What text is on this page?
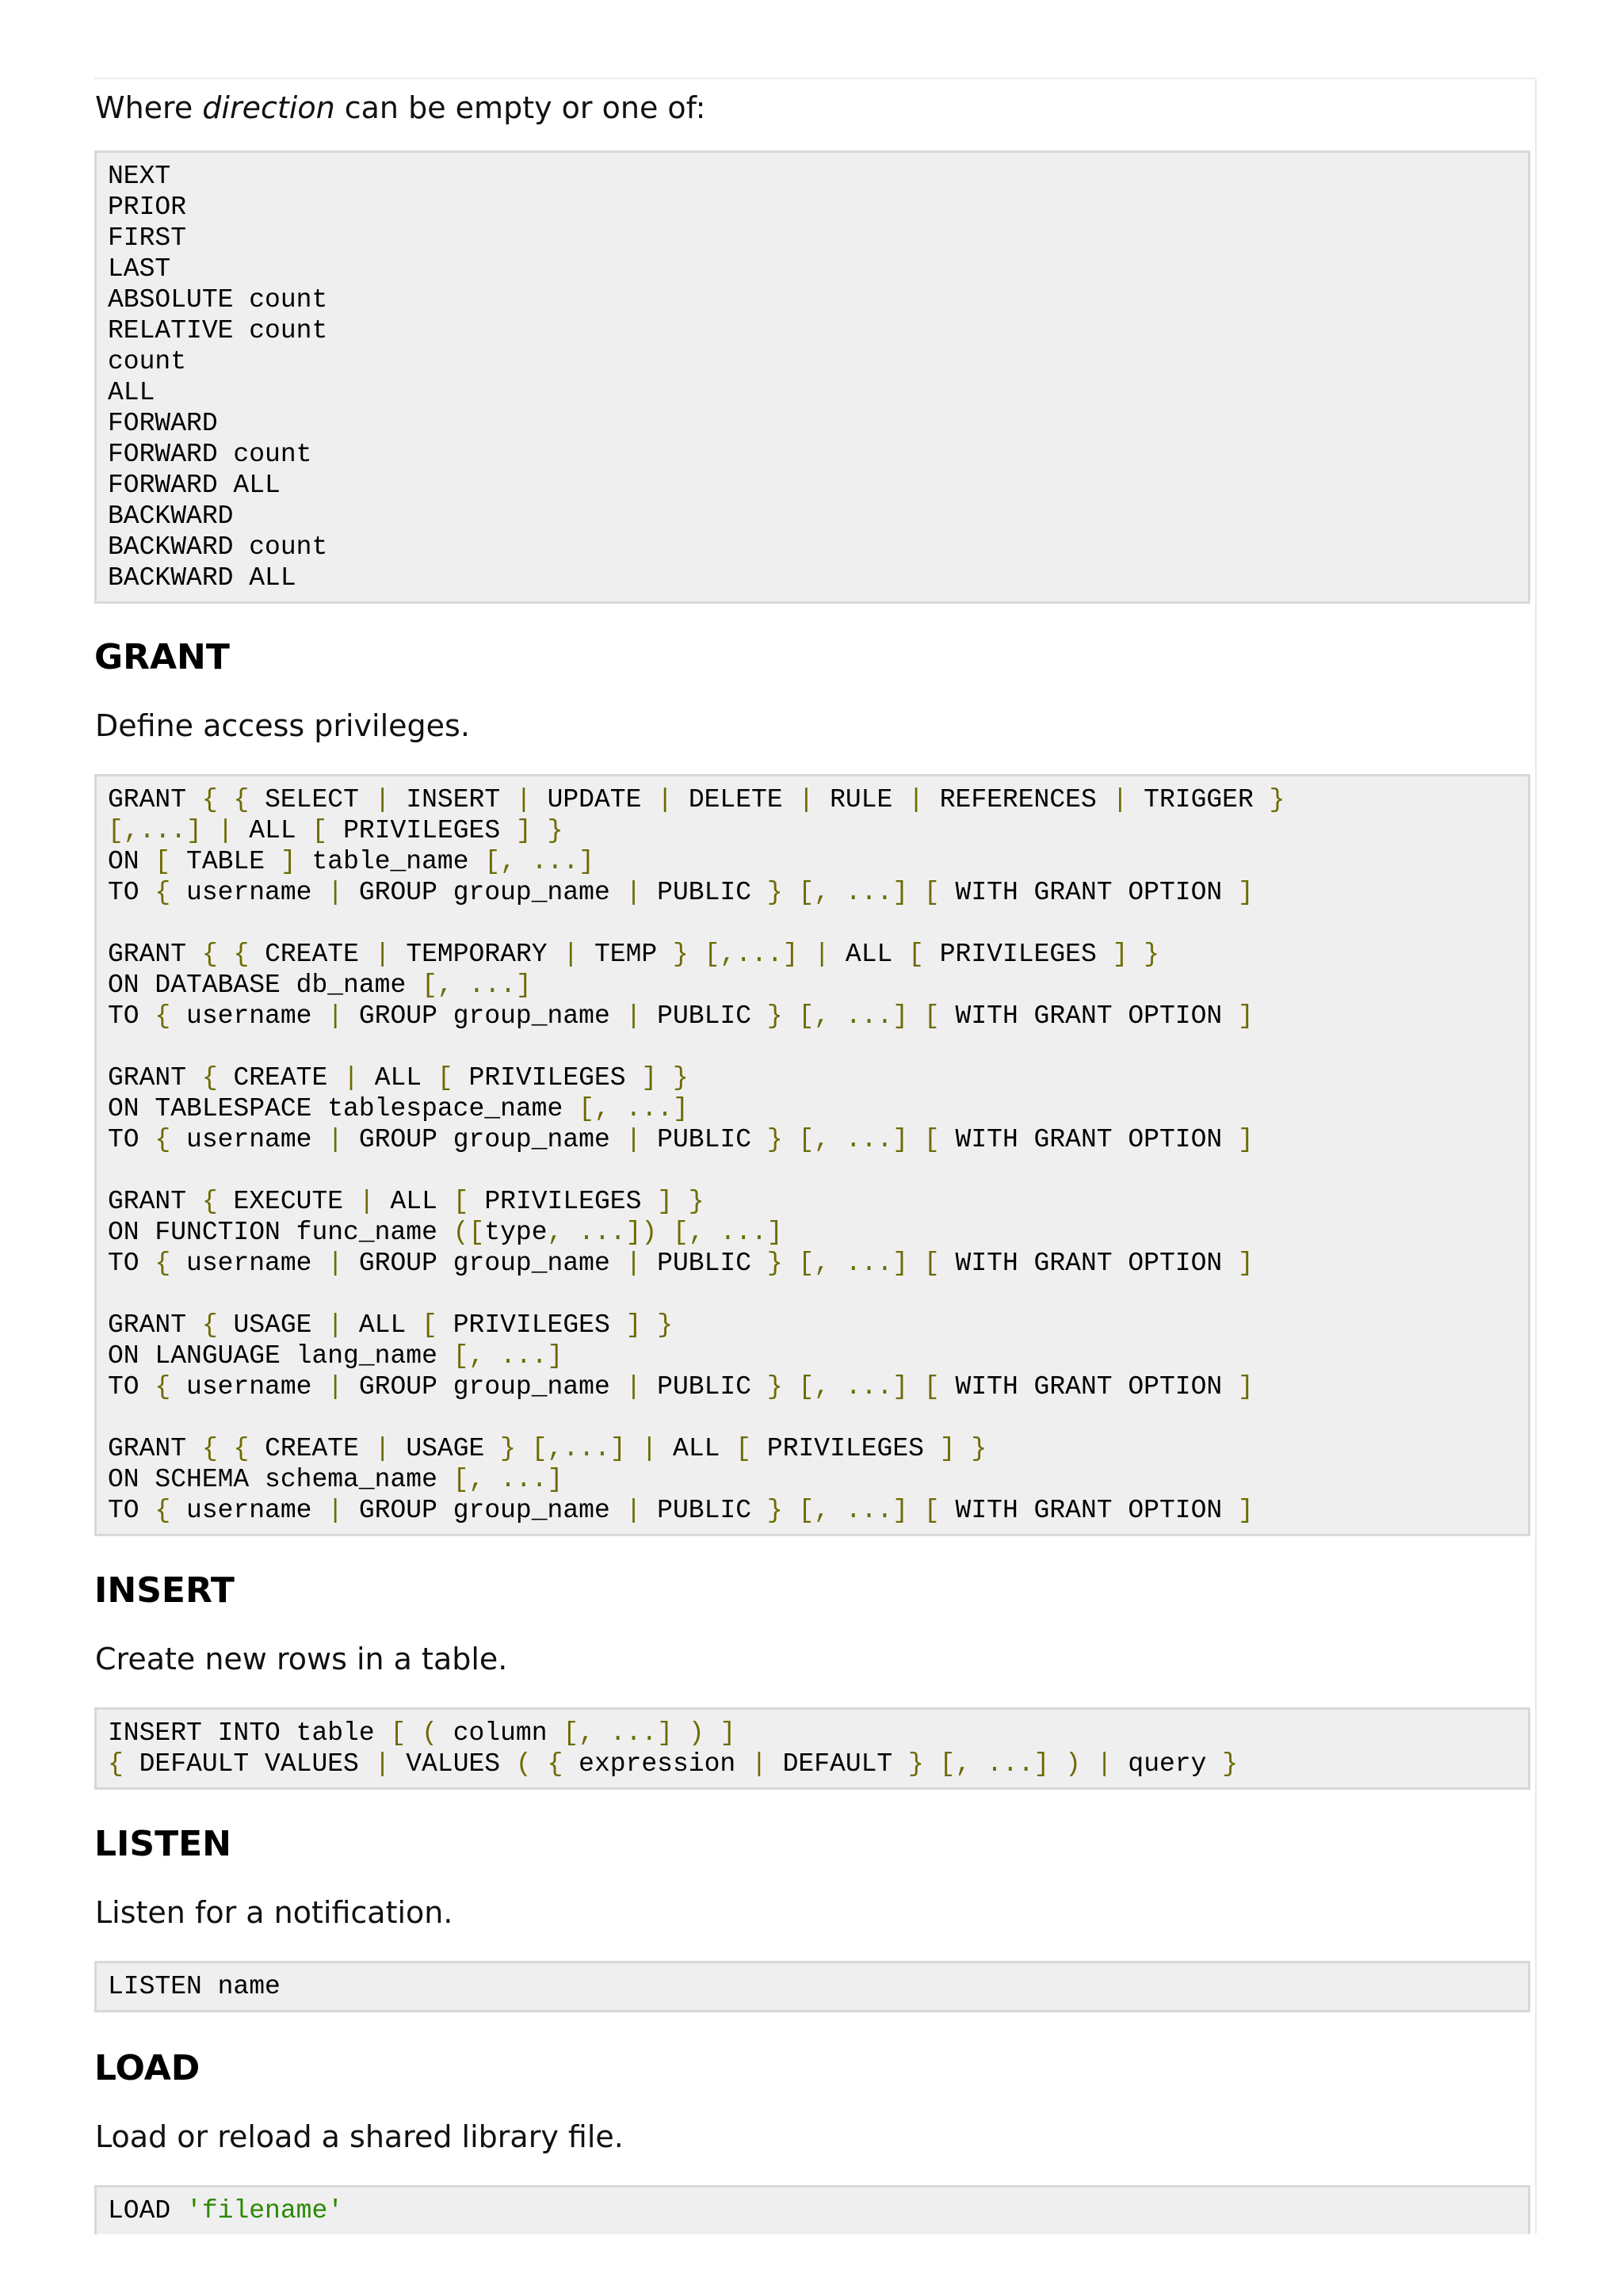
Where direction can be empty or one of:

NEXT
PRIOR
FIRST
LAST
ABSOLUTE count
RELATIVE count
count
ALL
FORWARD
FORWARD count
FORWARD ALL
BACKWARD
BACKWARD count
BACKWARD ALL
GRANT

Define access privileges.

GRANT { { SELECT | INSERT | UPDATE | DELETE | RULE | REFERENCES | TRIGGER }
[,...] | ALL [ PRIVILEGES ] }
ON [ TABLE ] table_name [, ...]
TO { username | GROUP group_name | PUBLIC } [, ...] [ WITH GRANT OPTION ]

GRANT { { CREATE | TEMPORARY | TEMP } [,...] | ALL [ PRIVILEGES ] }
ON DATABASE db_name [, ...]
TO { username | GROUP group_name | PUBLIC } [, ...] [ WITH GRANT OPTION ]

GRANT { CREATE | ALL [ PRIVILEGES ] }
ON TABLESPACE tablespace_name [, ...]
TO { username | GROUP group_name | PUBLIC } [, ...] [ WITH GRANT OPTION ]

GRANT { EXECUTE | ALL [ PRIVILEGES ] }
ON FUNCTION func_name ([type, ...]) [, ...]
TO { username | GROUP group_name | PUBLIC } [, ...] [ WITH GRANT OPTION ]

GRANT { USAGE | ALL [ PRIVILEGES ] }
ON LANGUAGE lang_name [, ...]
TO { username | GROUP group_name | PUBLIC } [, ...] [ WITH GRANT OPTION ]

GRANT { { CREATE | USAGE } [,...] | ALL [ PRIVILEGES ] }
ON SCHEMA schema_name [, ...]
TO { username | GROUP group_name | PUBLIC } [, ...] [ WITH GRANT OPTION ]
INSERT

Create new rows in a table.

INSERT INTO table [ ( column [, ...] ) ]
{ DEFAULT VALUES | VALUES ( { expression | DEFAULT } [, ...] ) | query }
LISTEN

Listen for a notification.

LISTEN name
LOAD

Load or reload a shared library file.

LOAD 'filename'
